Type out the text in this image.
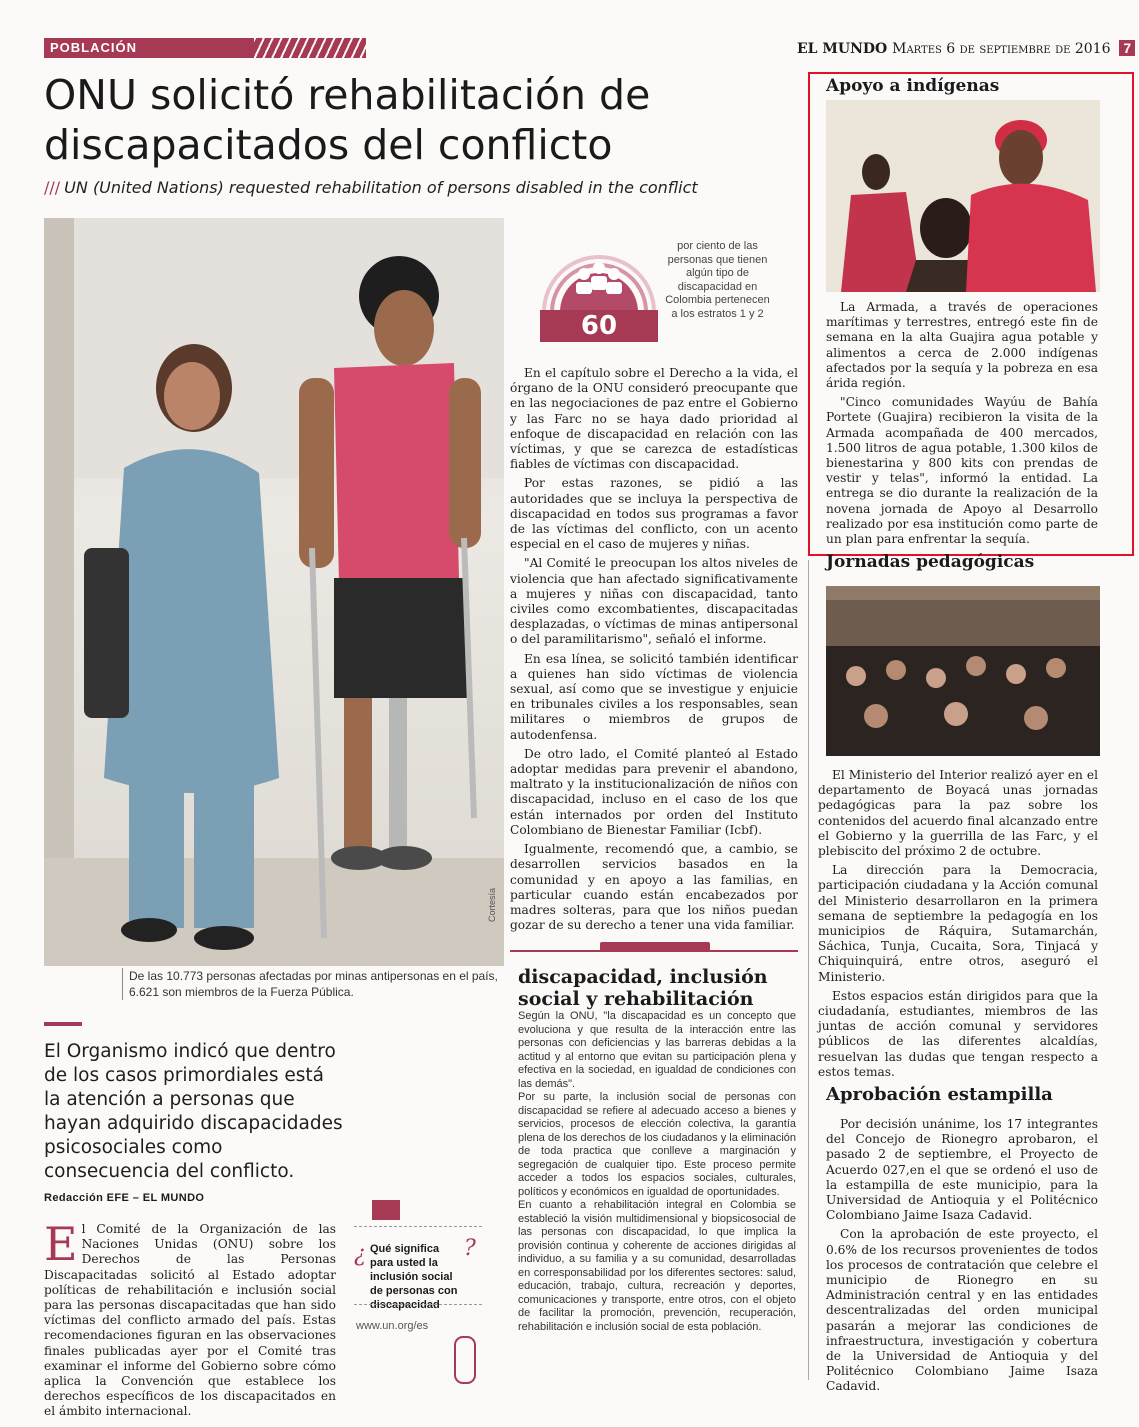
POBLACIÓN	EL MUNDO Martes 6 de septiembre de 2016 7
ONU solicitó rehabilitación de discapacitados del conflicto
/// UN (United Nations) requested rehabilitation of persons disabled in the conflict
Cortesía
De las 10.773 personas afectadas por minas antipersonas en el país, 6.621 son miembros de la Fuerza Pública.
60
por ciento de las personas que tienen algún tipo de discapacidad en Colombia pertenecen a los estratos 1 y 2

En el capítulo sobre el Derecho a la vida, el órgano de la ONU consideró preocupante que en las negociaciones de paz entre el Gobierno y las Farc no se haya dado prioridad al enfoque de discapacidad en relación con las víctimas, y que se carezca de estadísticas fiables de víctimas con discapacidad.

Por estas razones, se pidió a las autoridades que se incluya la perspectiva de discapacidad en todos sus programas a favor de las víctimas del conflicto, con un acento especial en el caso de mujeres y niñas.

"Al Comité le preocupan los altos niveles de violencia que han afectado significativamente a mujeres y niñas con discapacidad, tanto civiles como excombatientes, discapacitadas desplazadas, o víctimas de minas antipersonal o del paramilitarismo", señaló el informe.

En esa línea, se solicitó también identificar a quienes han sido víctimas de violencia sexual, así como que se investigue y enjuicie en tribunales civiles a los responsables, sean militares o miembros de grupos de autodenfensa.

De otro lado, el Comité planteó al Estado adoptar medidas para prevenir el abandono, maltrato y la institucionalización de niños con discapacidad, incluso en el caso de los que están internados por orden del Instituto Colombiano de Bienestar Familiar (Icbf).

Igualmente, recomendó que, a cambio, se desarrollen servicios basados en la comunidad y en apoyo a las familias, en particular cuando están encabezados por madres solteras, para que los niños puedan gozar de su derecho a tener una vida familiar.

discapacidad, inclusión social y rehabilitación

Según la ONU, "la discapacidad es un concepto que evoluciona y que resulta de la interacción entre las personas con deficiencias y las barreras debidas a la actitud y al entorno que evitan su participación plena y efectiva en la sociedad, en igualdad de condiciones con las demás".

Por su parte, la inclusión social de personas con discapacidad se refiere al adecuado acceso a bienes y servicios, procesos de elección colectiva, la garantía plena de los derechos de los ciudadanos y la eliminación de toda practica que conlleve a marginación y segregación de cualquier tipo. Este proceso permite acceder a todos los espacios sociales, culturales, políticos y económicos en igualdad de oportunidades.

En cuanto a rehabilitación integral en Colombia se estableció la visión multidimensional y biopsicosocial de las personas con discapacidad, lo que implica la provisión continua y coherente de acciones dirigidas al individuo, a su familia y a su comunidad, desarrolladas en corresponsabilidad por los diferentes sectores: salud, educación, trabajo, cultura, recreación y deportes, comunicaciones y transporte, entre otros, con el objeto de facilitar la promoción, prevención, recuperación, rehabilitación e inclusión social de esta población.

El Organismo indicó que dentro de los casos primordiales está la atención a personas que hayan adquirido discapacidades psicosociales como consecuencia del conflicto.
Redacción EFE – EL MUNDO

El Comité de la Organización de las Naciones Unidas (ONU) sobre los Derechos de las Personas Discapacitadas solicitó al Estado adoptar políticas de rehabilitación e inclusión social para las personas discapacitadas que han sido víctimas del conflicto armado del país. Estas recomendaciones figuran en las observaciones finales publicadas ayer por el Comité tras examinar el informe del Gobierno sobre cómo aplica la Convención que establece los derechos específicos de los discapacitados en el ámbito internacional.

¿ Qué significa para usted la inclusión social de personas con discapacidad
?
www.un.org/es
Apoyo a indígenas

La Armada, a través de operaciones marítimas y terrestres, entregó este fin de semana en la alta Guajira agua potable y alimentos a cerca de 2.000 indígenas afectados por la sequía y la pobreza en esa árida región.

"Cinco comunidades Wayúu de Bahía Portete (Guajira) recibieron la visita de la Armada acompañada de 400 mercados, 1.500 litros de agua potable, 1.300 kilos de bienestarina y 800 kits con prendas de vestir y telas", informó la entidad. La entrega se dio durante la realización de la novena jornada de Apoyo al Desarrollo realizado por esa institución como parte de un plan para enfrentar la sequía.

Jornadas pedagógicas

El Ministerio del Interior realizó ayer en el departamento de Boyacá unas jornadas pedagógicas para la paz sobre los contenidos del acuerdo final alcanzado entre el Gobierno y la guerrilla de las Farc, y el plebiscito del próximo 2 de octubre.

La dirección para la Democracia, participación ciudadana y la Acción comunal del Ministerio desarrollaron en la primera semana de septiembre la pedagogía en los municipios de Ráquira, Sutamarchán, Sáchica, Tunja, Cucaita, Sora, Tinjacá y Chiquinquirá, entre otros, aseguró el Ministerio.

Estos espacios están dirigidos para que la ciudadanía, estudiantes, miembros de las juntas de acción comunal y servidores públicos de las diferentes alcaldías, resuelvan las dudas que tengan respecto a estos temas.

Aprobación estampilla

Por decisión unánime, los 17 integrantes del Concejo de Rionegro aprobaron, el pasado 2 de septiembre, el Proyecto de Acuerdo 027,en el que se ordenó el uso de la estampilla de este municipio, para la Universidad de Antioquia y el Politécnico Colombiano Jaime Isaza Cadavid.

Con la aprobación de este proyecto, el 0.6% de los recursos provenientes de todos los procesos de contratación que celebre el municipio de Rionegro en su Administración central y en las entidades descentralizadas del orden municipal pasarán a mejorar las condiciones de infraestructura, investigación y cobertura de la Universidad de Antioquia y del Politécnico Colombiano Jaime Isaza Cadavid.
